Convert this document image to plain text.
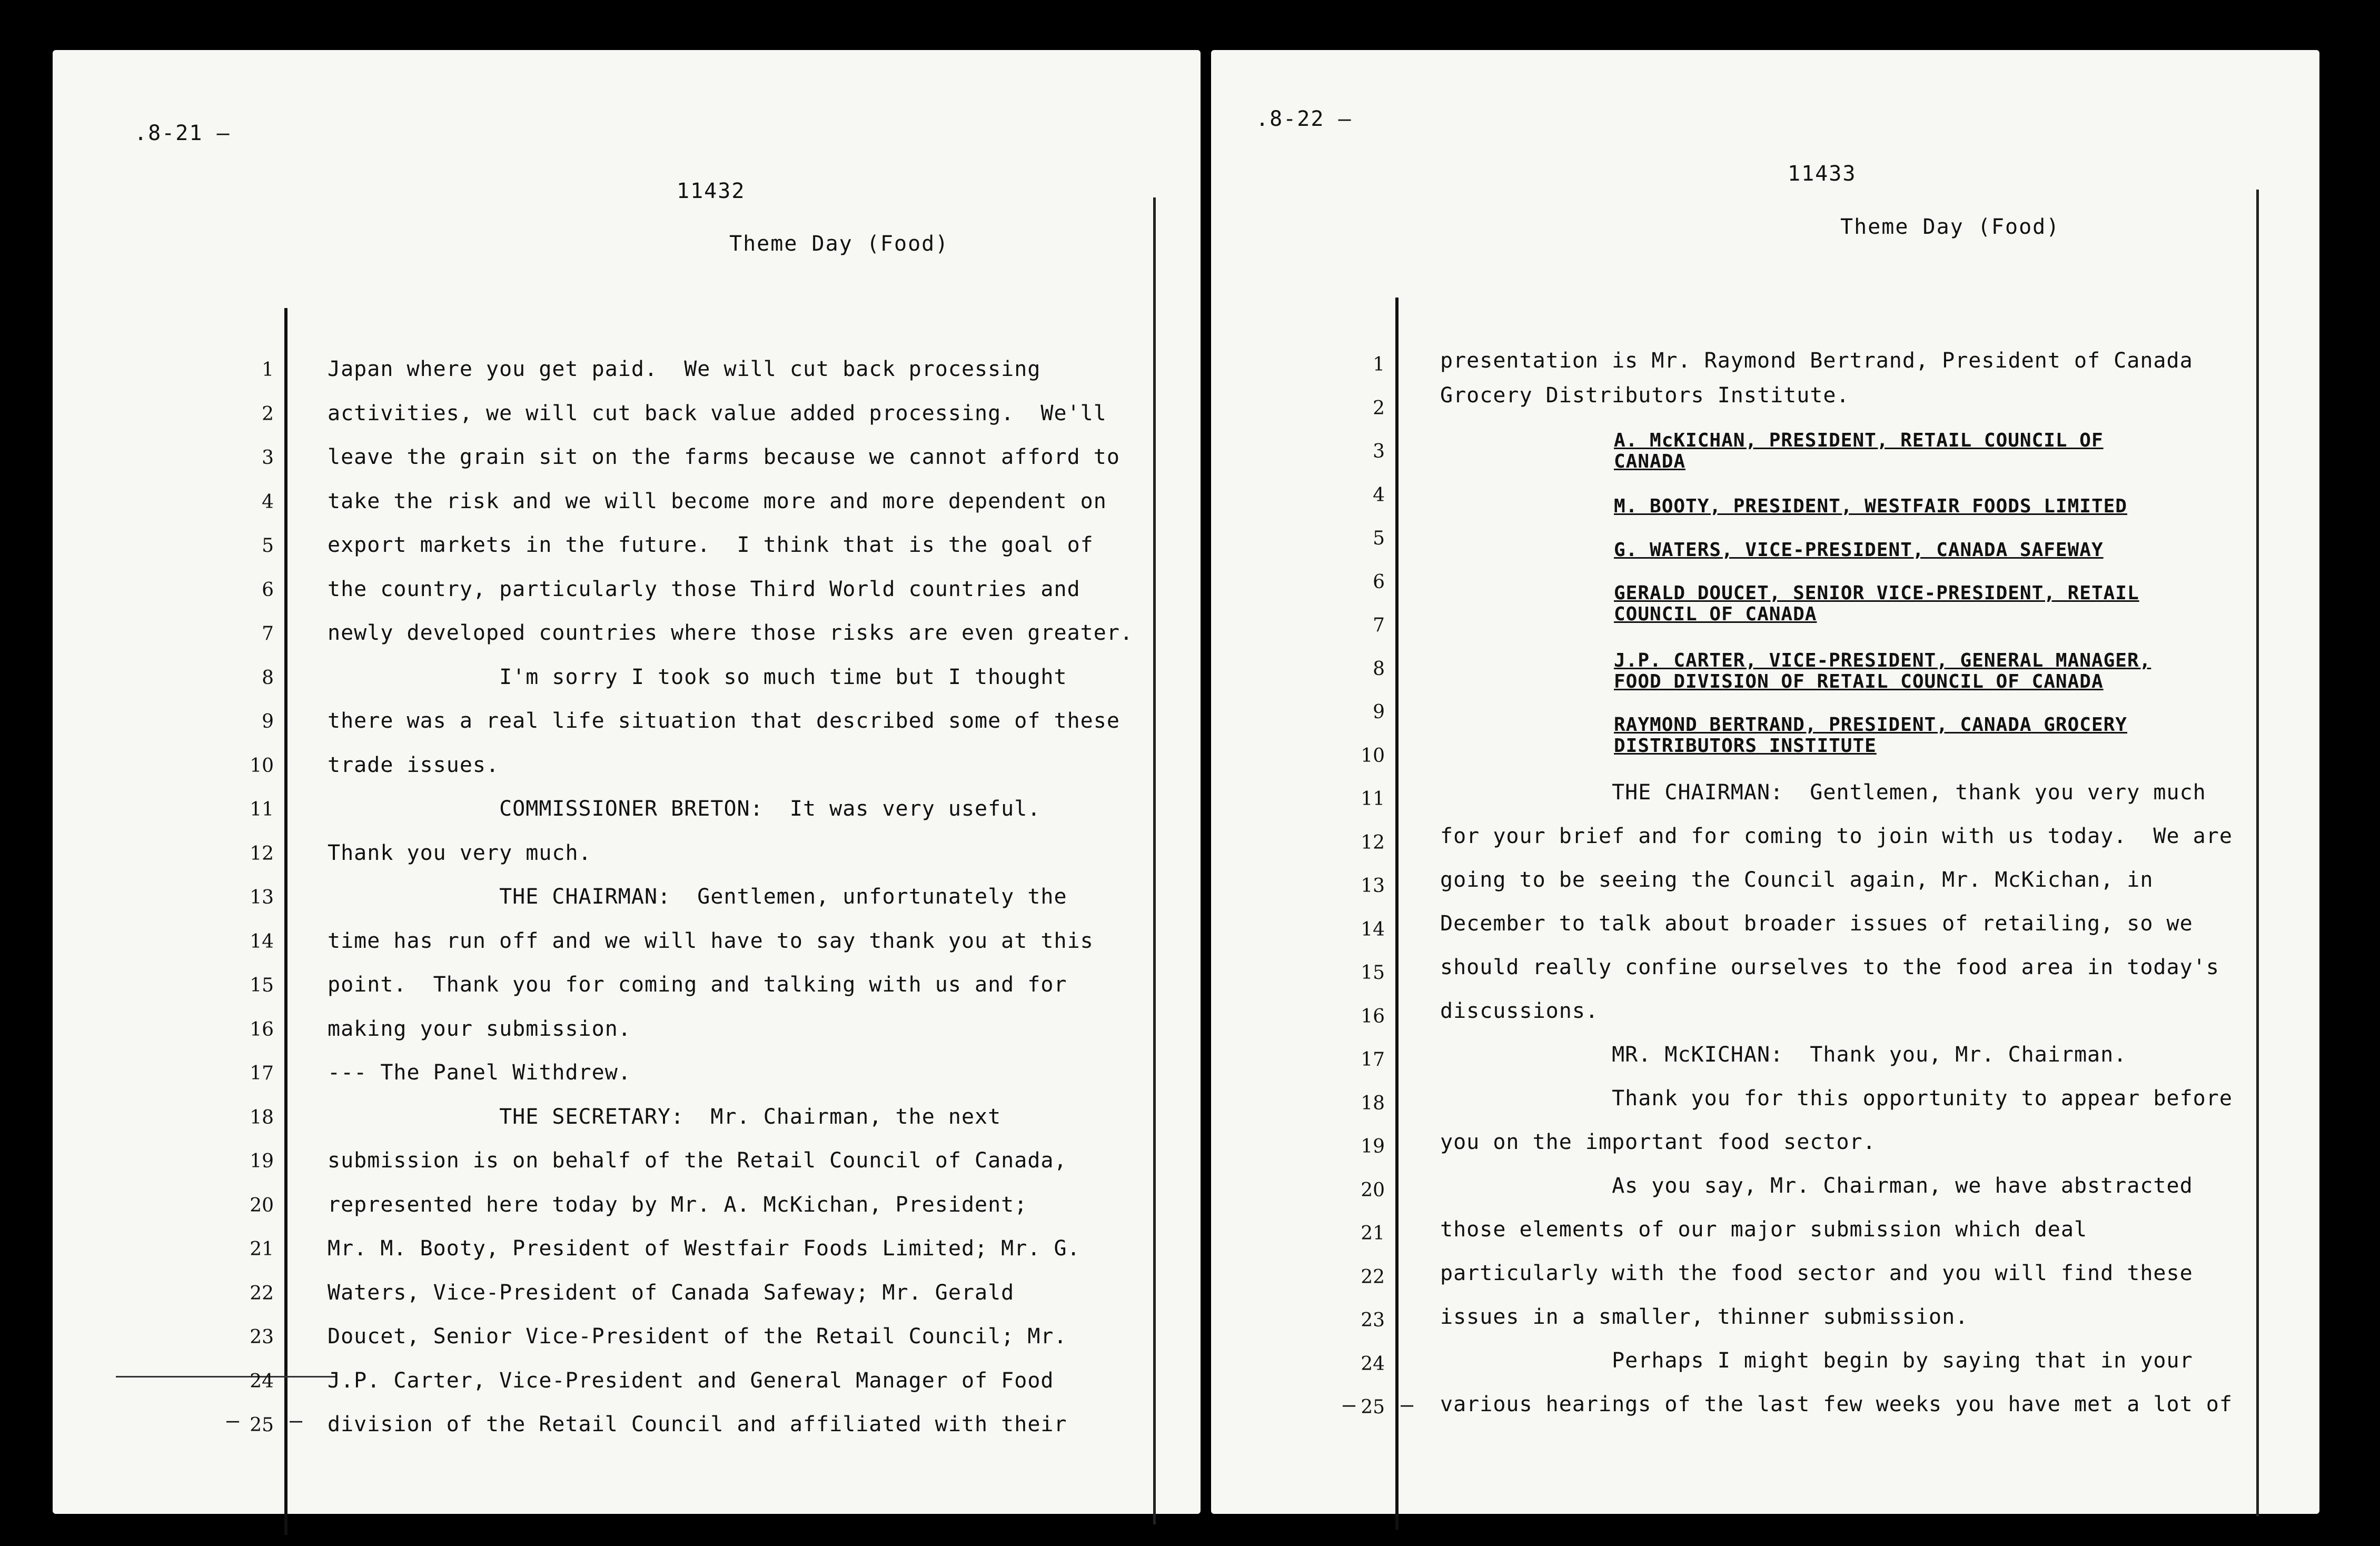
.8-21 –

11432

Theme Day (Food)

— –
1	Japan where you get paid.  We will cut back processing
2	activities, we will cut back value added processing.  We'll
3	leave the grain sit on the farms because we cannot afford to
4	take the risk and we will become more and more dependent on
5	export markets in the future.  I think that is the goal of
6	the country, particularly those Third World countries and
7	newly developed countries where those risks are even greater.
8	I'm sorry I took so much time but I thought
9	there was a real life situation that described some of these
10	trade issues.
11	COMMISSIONER BRETON:  It was very useful.
12	Thank you very much.
13	THE CHAIRMAN:  Gentlemen, unfortunately the
14	time has run off and we will have to say thank you at this
15	point.  Thank you for coming and talking with us and for
16	making your submission.
17	--- The Panel Withdrew.
18	THE SECRETARY:  Mr. Chairman, the next
19	submission is on behalf of the Retail Council of Canada,
20	represented here today by Mr. A. McKichan, President;
21	Mr. M. Booty, President of Westfair Foods Limited; Mr. G.
22	Waters, Vice-President of Canada Safeway; Mr. Gerald
23	Doucet, Senior Vice-President of the Retail Council; Mr.
24	J.P. Carter, Vice-President and General Manager of Food
25	division of the Retail Council and affiliated with their

.8-22 –

11433

Theme Day (Food)

— –
1
2
3
4
5
6
7
8
9
10
11
12
13
14
15
16
17
18
19
20
21
22
23
24
25
presentation is Mr. Raymond Bertrand, President of Canada
Grocery Distributors Institute.
A. McKICHAN, PRESIDENT, RETAIL COUNCIL OF
CANADA
M. BOOTY, PRESIDENT, WESTFAIR FOODS LIMITED
G. WATERS, VICE-PRESIDENT, CANADA SAFEWAY
GERALD DOUCET, SENIOR VICE-PRESIDENT, RETAIL
COUNCIL OF CANADA
J.P. CARTER, VICE-PRESIDENT, GENERAL MANAGER,
FOOD DIVISION OF RETAIL COUNCIL OF CANADA
RAYMOND BERTRAND, PRESIDENT, CANADA GROCERY
DISTRIBUTORS INSTITUTE
THE CHAIRMAN:  Gentlemen, thank you very much
for your brief and for coming to join with us today.  We are
going to be seeing the Council again, Mr. McKichan, in
December to talk about broader issues of retailing, so we
should really confine ourselves to the food area in today's
discussions.
MR. McKICHAN:  Thank you, Mr. Chairman.
Thank you for this opportunity to appear before
you on the important food sector.
As you say, Mr. Chairman, we have abstracted
those elements of our major submission which deal
particularly with the food sector and you will find these
issues in a smaller, thinner submission.
Perhaps I might begin by saying that in your
various hearings of the last few weeks you have met a lot of
